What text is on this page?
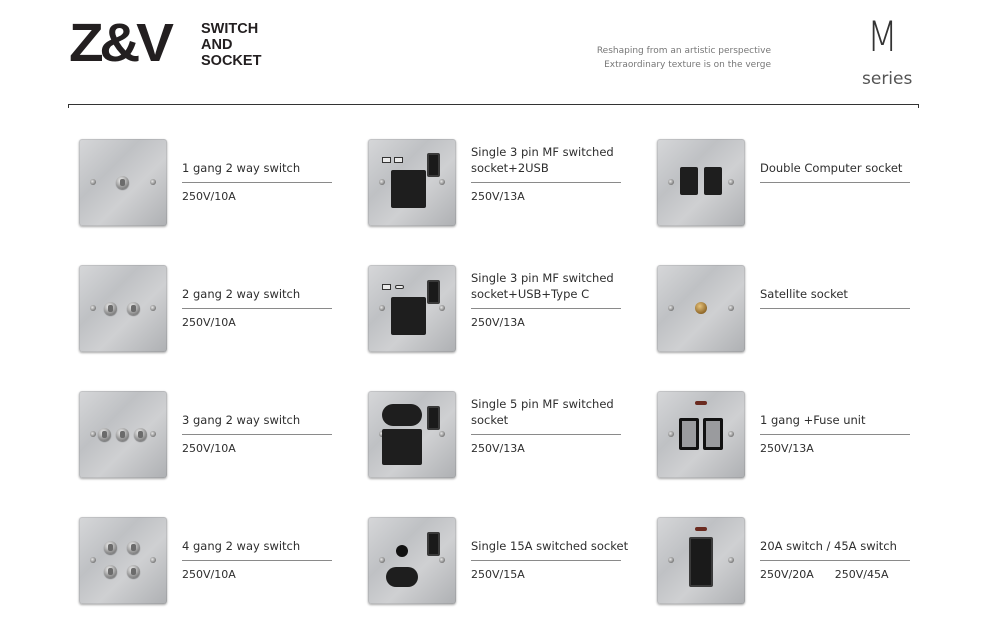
Z&V SWITCH
AND
SOCKET
Reshaping from an artistic perspective
Extraordinary texture is on the verge
M
series
1 gang 2 way switch
250V/10A
2 gang 2 way switch
250V/10A
3 gang 2 way switch
250V/10A
4 gang 2 way switch
250V/10A
Single 3 pin MF switched socket+2USB
250V/13A
Single 3 pin MF switched socket+USB+Type C
250V/13A
Single 5 pin MF switched socket
250V/13A
Single 15A switched socket
250V/15A
Double Computer socket
Satellite socket
1 gang +Fuse unit
250V/13A
20A switch / 45A switch
250V/20A      250V/45A
